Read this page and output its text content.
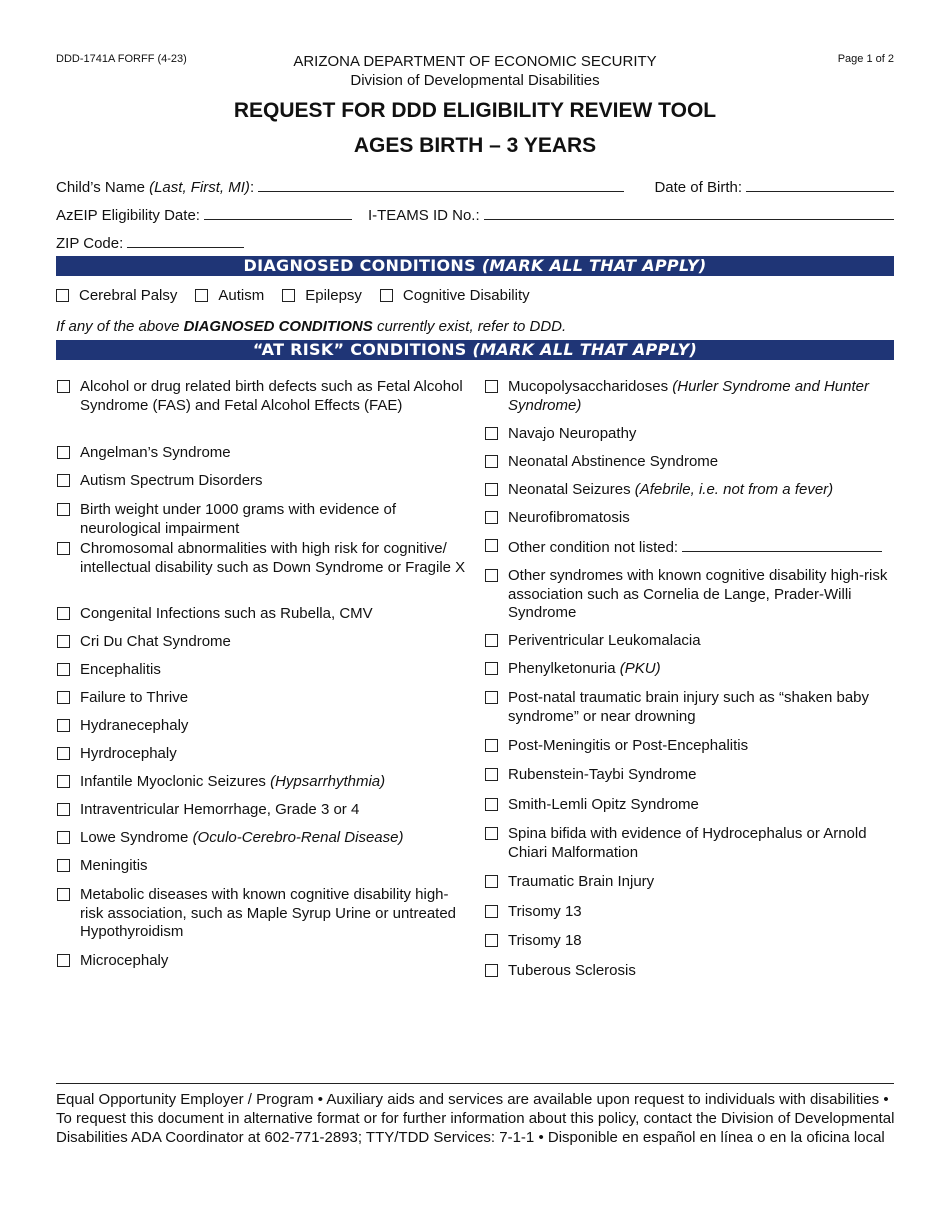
DDD-1741A FORFF (4-23)	Page 1 of 2
ARIZONA DEPARTMENT OF ECONOMIC SECURITY
Division of Developmental Disabilities
REQUEST FOR DDD ELIGIBILITY REVIEW TOOL
AGES BIRTH – 3 YEARS
Child’s Name (Last, First, MI):	Date of Birth:
AzEIP Eligibility Date:	I-TEAMS ID No.:
ZIP Code:
DIAGNOSED CONDITIONS (MARK ALL THAT APPLY)
Cerebral Palsy	Autism	Epilepsy	Cognitive Disability
If any of the above DIAGNOSED CONDITIONS currently exist, refer to DDD.
“AT RISK” CONDITIONS (MARK ALL THAT APPLY)
Alcohol or drug related birth defects such as Fetal Alcohol Syndrome (FAS) and Fetal Alcohol Effects (FAE)
Angelman’s Syndrome
Autism Spectrum Disorders
Birth weight under 1000 grams with evidence of neurological impairment
Chromosomal abnormalities with high risk for cognitive/ intellectual disability such as Down Syndrome or Fragile X
Congenital Infections such as Rubella, CMV
Cri Du Chat Syndrome
Encephalitis
Failure to Thrive
Hydranecephaly
Hyrdrocephaly
Infantile Myoclonic Seizures (Hypsarrhythmia)
Intraventricular Hemorrhage, Grade 3 or 4
Lowe Syndrome (Oculo-Cerebro-Renal Disease)
Meningitis
Metabolic diseases with known cognitive disability high-risk association, such as Maple Syrup Urine or untreated Hypothyroidism
Microcephaly
Mucopolysaccharidoses (Hurler Syndrome and Hunter Syndrome)
Navajo Neuropathy
Neonatal Abstinence Syndrome
Neonatal Seizures (Afebrile, i.e. not from a fever)
Neurofibromatosis
Other condition not listed:
Other syndromes with known cognitive disability high-risk association such as Cornelia de Lange, Prader-Willi Syndrome
Periventricular Leukomalacia
Phenylketonuria (PKU)
Post-natal traumatic brain injury such as “shaken baby syndrome” or near drowning
Post-Meningitis or Post-Encephalitis
Rubenstein-Taybi Syndrome
Smith-Lemli Opitz Syndrome
Spina bifida with evidence of Hydrocephalus or Arnold Chiari Malformation
Traumatic Brain Injury
Trisomy 13
Trisomy 18
Tuberous Sclerosis
Equal Opportunity Employer / Program • Auxiliary aids and services are available upon request to individuals with disabilities • To request this document in alternative format or for further information about this policy, contact the Division of Developmental Disabilities ADA Coordinator at 602-771-2893; TTY/TDD Services: 7-1-1 • Disponible en español en línea o en la oficina local
